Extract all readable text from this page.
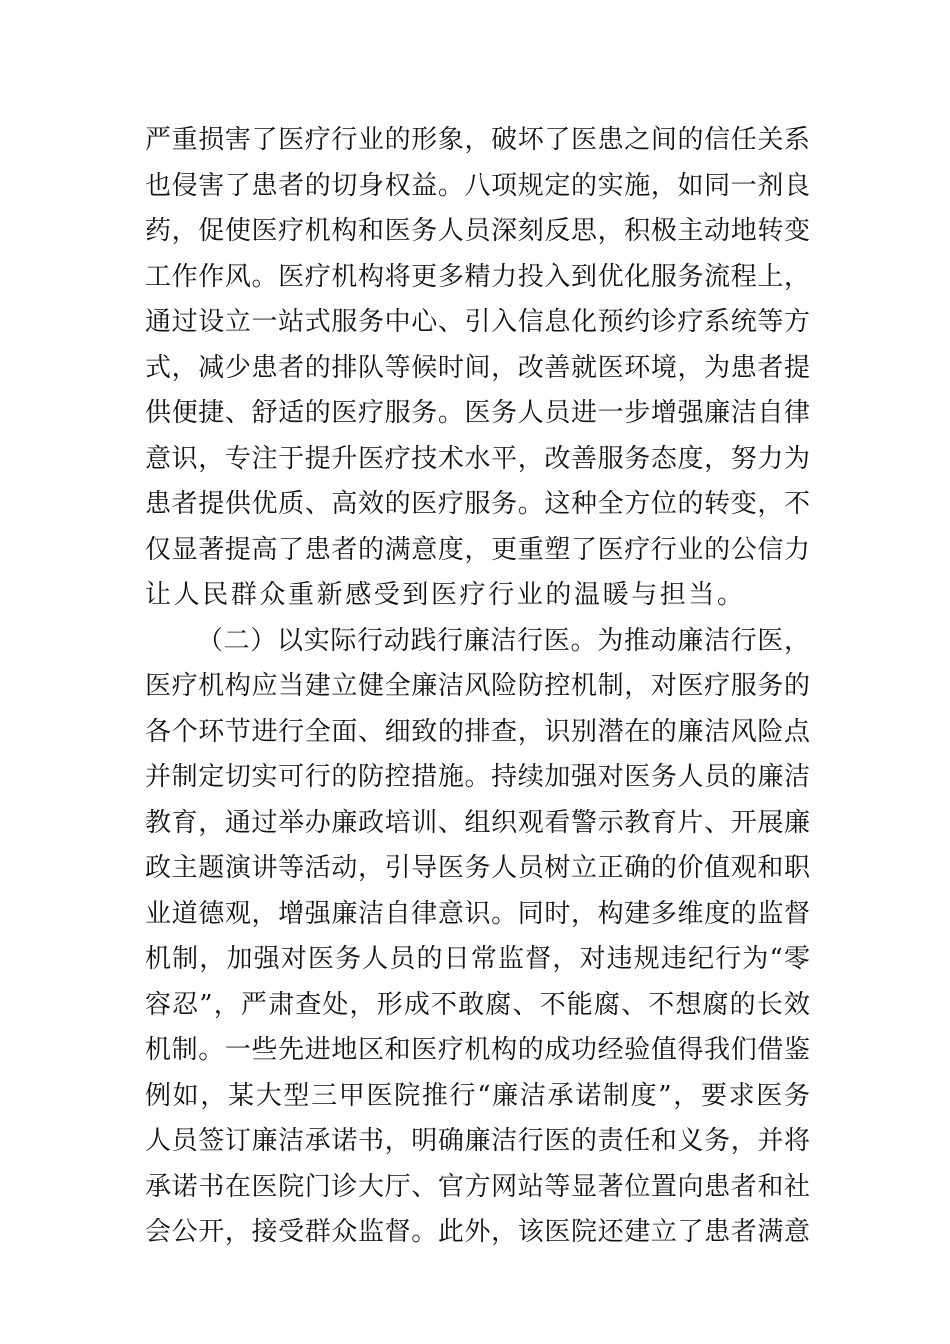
严重损害了医疗行业的形象，破坏了医患之间的信任关系
也侵害了患者的切身权益。八项规定的实施，如同一剂良
药，促使医疗机构和医务人员深刻反思，积极主动地转变
工作作风。医疗机构将更多精力投入到优化服务流程上，
通过设立一站式服务中心、引入信息化预约诊疗系统等方
式，减少患者的排队等候时间，改善就医环境，为患者提
供便捷、舒适的医疗服务。医务人员进一步增强廉洁自律
意识，专注于提升医疗技术水平，改善服务态度，努力为
患者提供优质、高效的医疗服务。这种全方位的转变，不
仅显著提高了患者的满意度，更重塑了医疗行业的公信力
让人民群众重新感受到医疗行业的温暖与担当。
（二）以实际行动践行廉洁行医。为推动廉洁行医，
医疗机构应当建立健全廉洁风险防控机制，对医疗服务的
各个环节进行全面、细致的排查，识别潜在的廉洁风险点
并制定切实可行的防控措施。持续加强对医务人员的廉洁
教育，通过举办廉政培训、组织观看警示教育片、开展廉
政主题演讲等活动，引导医务人员树立正确的价值观和职
业道德观，增强廉洁自律意识。同时，构建多维度的监督
机制，加强对医务人员的日常监督，对违规违纪行为“零
容忍”，严肃查处，形成不敢腐、不能腐、不想腐的长效
机制。一些先进地区和医疗机构的成功经验值得我们借鉴
例如，某大型三甲医院推行“廉洁承诺制度”，要求医务
人员签订廉洁承诺书，明确廉洁行医的责任和义务，并将
承诺书在医院门诊大厅、官方网站等显著位置向患者和社
会公开，接受群众监督。此外，该医院还建立了患者满意
